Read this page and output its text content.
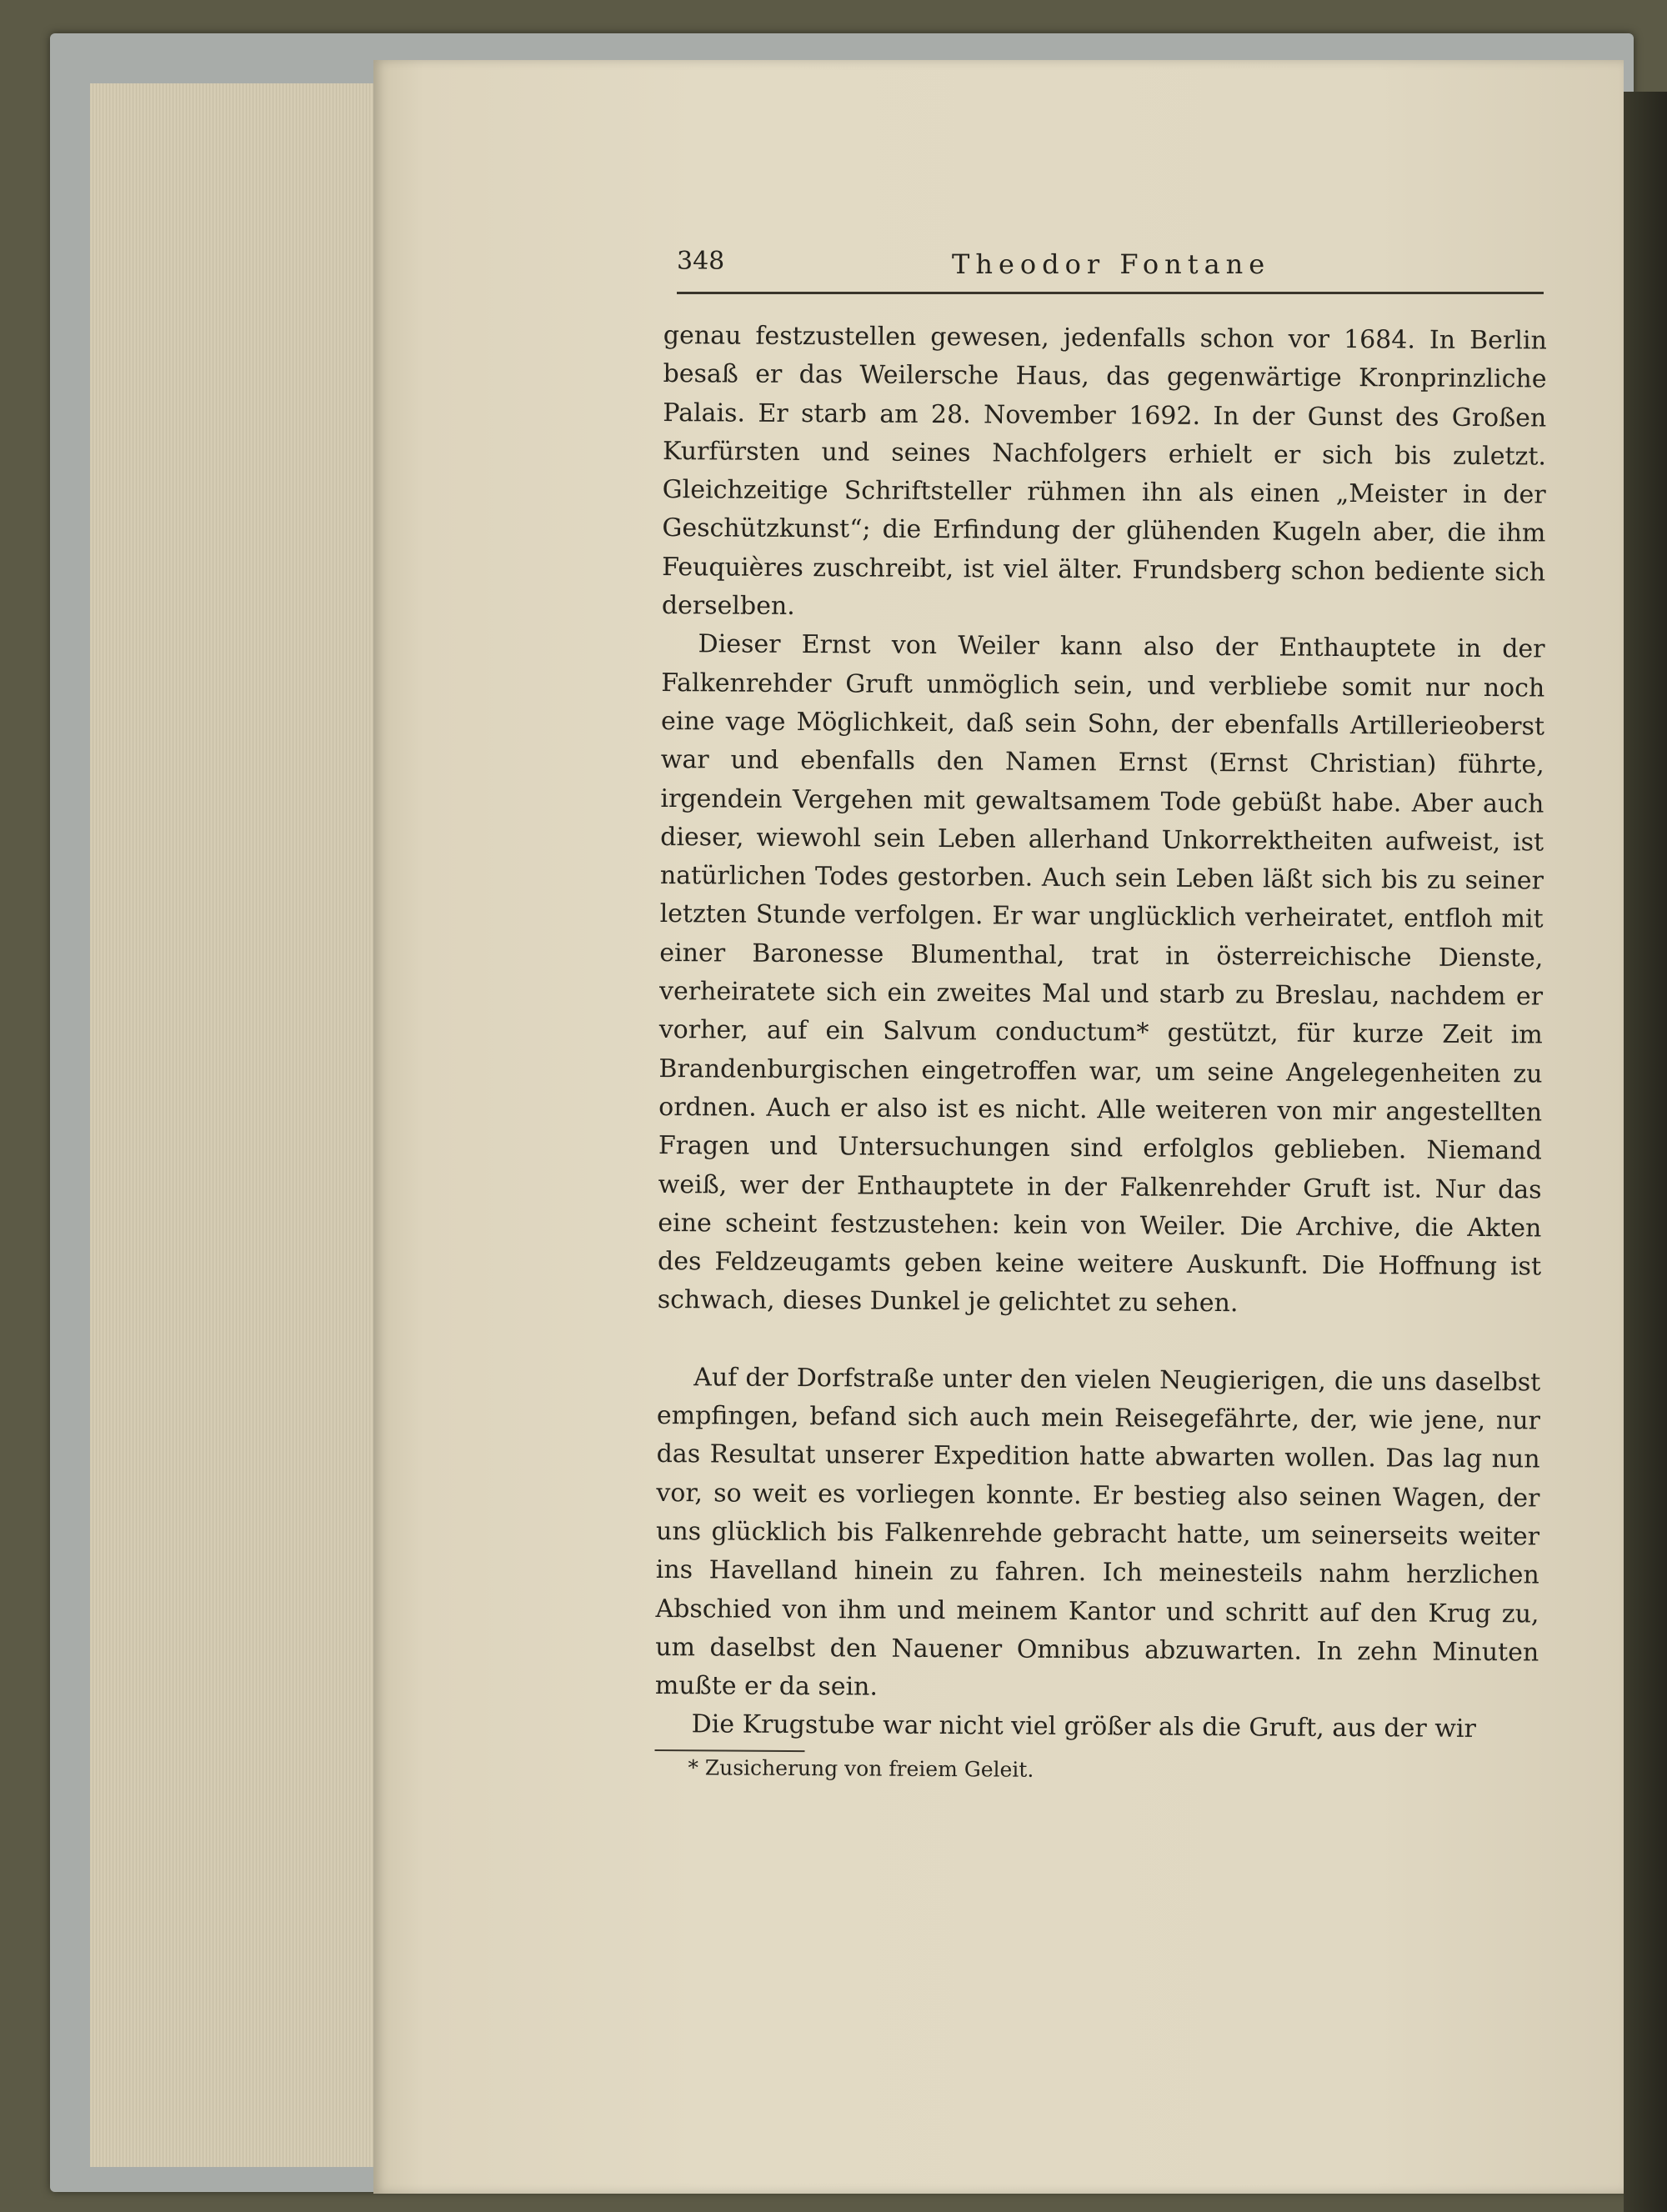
348	Theodor Fontane

genau festzustellen gewesen, jedenfalls schon vor 1684. In Berlin besaß er das Weilersche Haus, das gegenwärtige Kronprinzliche Palais. Er starb am 28. November 1692. In der Gunst des Großen Kurfürsten und seines Nachfolgers erhielt er sich bis zuletzt. Gleichzeitige Schriftsteller rühmen ihn als einen „Meister in der Geschützkunst“; die Erfindung der glühenden Kugeln aber, die ihm Feuquières zuschreibt, ist viel älter. Frundsberg schon bediente sich derselben.

Dieser Ernst von Weiler kann also der Enthauptete in der Falkenrehder Gruft unmöglich sein, und verbliebe somit nur noch eine vage Möglichkeit, daß sein Sohn, der ebenfalls Artillerieoberst war und ebenfalls den Namen Ernst (Ernst Christian) führte, irgendein Vergehen mit gewaltsamem Tode gebüßt habe. Aber auch dieser, wiewohl sein Leben allerhand Unkorrektheiten aufweist, ist natürlichen Todes gestorben. Auch sein Leben läßt sich bis zu seiner letzten Stunde verfolgen. Er war unglücklich verheiratet, entfloh mit einer Baronesse Blumenthal, trat in österreichische Dienste, verheiratete sich ein zweites Mal und starb zu Breslau, nachdem er vorher, auf ein Salvum conductum* gestützt, für kurze Zeit im Brandenburgischen eingetroffen war, um seine Angelegenheiten zu ordnen. Auch er also ist es nicht. Alle weiteren von mir angestellten Fragen und Untersuchungen sind erfolglos geblieben. Niemand weiß, wer der Enthauptete in der Falkenrehder Gruft ist. Nur das eine scheint festzustehen: kein von Weiler. Die Archive, die Akten des Feldzeugamts geben keine weitere Auskunft. Die Hoffnung ist schwach, dieses Dunkel je gelichtet zu sehen.

Auf der Dorfstraße unter den vielen Neugierigen, die uns daselbst empfingen, befand sich auch mein Reisegefährte, der, wie jene, nur das Resultat unserer Expedition hatte abwarten wollen. Das lag nun vor, so weit es vorliegen konnte. Er bestieg also seinen Wagen, der uns glücklich bis Falkenrehde gebracht hatte, um seinerseits weiter ins Havelland hinein zu fahren. Ich meinesteils nahm herzlichen Abschied von ihm und meinem Kantor und schritt auf den Krug zu, um daselbst den Nauener Omnibus abzuwarten. In zehn Minuten mußte er da sein.

Die Krugstube war nicht viel größer als die Gruft, aus der wir

* Zusicherung von freiem Geleit.
